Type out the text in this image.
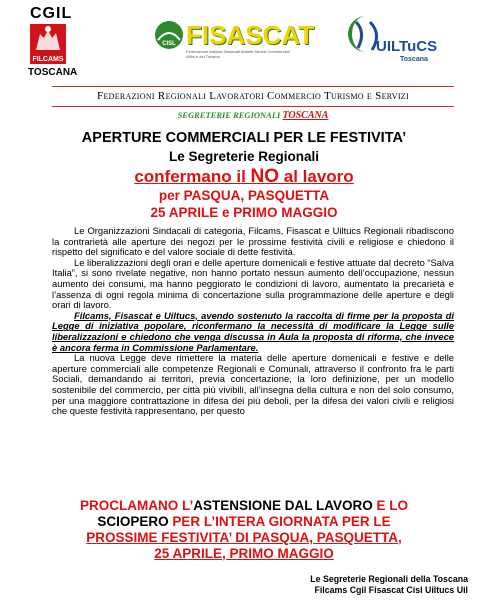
CGIL
FILCAMS
TOSCANA
CISL FISASCAT
Federazione Italiana Sindacati Addetti Servizi Commerciali Affini e del Turismo
UILTuCS
Toscana
Federazioni Regionali Lavoratori Commercio Turismo e Servizi
SEGRETERIE REGIONALI TOSCANA
APERTURE COMMERCIALI PER LE FESTIVITA’
Le Segreterie Regionali
confermano il NO al lavoro
per PASQUA, PASQUETTA
25 APRILE e PRIMO MAGGIO

Le Organizzazioni Sindacali di categoria, Filcams, Fisascat e Uiltucs Regionali ribadiscono la contrarietà alle aperture dei negozi per le prossime festività civili e religiose e chiedono il rispetto del significato e del valore sociale di dette festività.

Le liberalizzazioni degli orari e delle aperture domenicali e festive attuate dal decreto “Salva Italia”, si sono rivelate negative, non hanno portato nessun aumento dell’occupazione, nessun aumento dei consumi, ma hanno peggiorato le condizioni di lavoro, aumentato la precarietà e l’assenza di ogni regola minima di concertazione sulla programmazione delle aperture e degli orari di lavoro.

Filcams, Fisascat e Uiltucs, avendo sostenuto la raccolta di firme per la proposta di Legge di iniziativa popolare, riconfermano la necessità di modificare la Legge sulle liberalizzazioni e chiedono che venga discussa in Aula la proposta di riforma, che invece è ancora ferma in Commissione Parlamentare.

La nuova Legge deve rimettere la materia delle aperture domenicali e festive e delle aperture commerciali alle competenze Regionali e Comunali, attraverso il confronto fra le parti Sociali, demandando ai territori, previa concertazione, la loro definizione, per un modello sostenibile del commercio, per città più vivibili, all’insegna della cultura e non del solo consumo, per una maggiore contrattazione in difesa dei più deboli, per la difesa dei valori civili e religiosi che queste festività rappresentano, per questo

PROCLAMANO L’ASTENSIONE DAL LAVORO E LO
SCIOPERO PER L’INTERA GIORNATA PER LE
PROSSIME FESTIVITA’ DI PASQUA, PASQUETTA,
25 APRILE, PRIMO MAGGIO
Le Segreterie Regionali della Toscana
Filcams Cgil Fisascat Cisl Uiltucs Uil
